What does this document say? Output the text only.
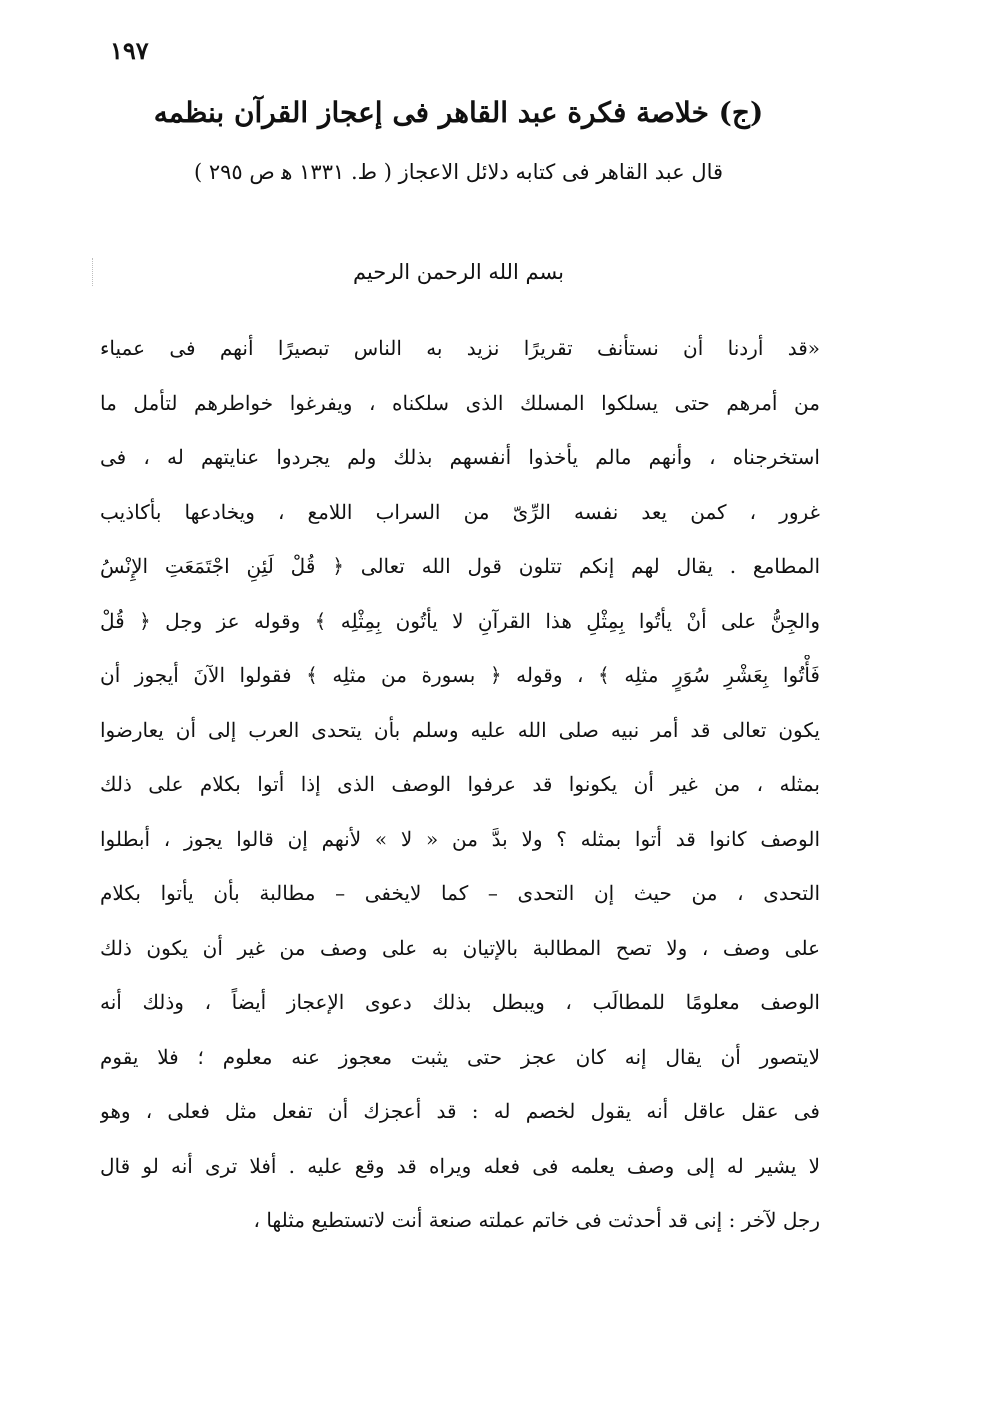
١٩٧
(ج) خلاصة فكرة عبد القاهر فى إعجاز القرآن بنظمه
قال عبد القاهر فى كتابه دلائل الاعجاز ( ط. ١٣٣١ ﻫ ص ٢٩٥ )
بسم الله الرحمن الرحيم
«قد أردنا أن نستأنف تقريرًا نزيد به الناس تبصيرًا أنهم فى عمياء
من أمرهم حتى يسلكوا المسلك الذى سلكناه ، ويفرغوا خواطرهم لتأمل ما
استخرجناه ، وأنهم مالم يأخذوا أنفسهم بذلك ولم يجردوا عنايتهم له ، فى
غرور ، كمن يعد نفسه الرِّىّ من السراب اللامع ، ويخادعها بأكاذيب
المطامع . يقال لهم إنكم تتلون قول الله تعالى ﴿ قُلْ لَئِنِ اجْتَمَعَتِ الإِنْسُ
والجِنُّ على أنْ يأتُوا بِمِثْلِ هذا القرآنِ لا يأتُون بِمِثْلِه ﴾ وقوله عز وجل ﴿ قُلْ
فَأْتُوا بِعَشْرِ سُوَرٍ مثلِه ﴾ ، وقوله ﴿ بسورة من مثلِه ﴾ فقولوا الآنَ أيجوز أن
يكون تعالى قد أمر نبيه صلى الله عليه وسلم بأن يتحدى العرب إلى أن يعارضوا
بمثله ، من غير أن يكونوا قد عرفوا الوصف الذى إذا أتوا بكلام على ذلك
الوصف كانوا قد أتوا بمثله ؟ ولا بدَّ من « لا » لأنهم إن قالوا يجوز ، أبطلوا
التحدى ، من حيث إن التحدى – كما لايخفى – مطالبة بأن يأتوا بكلام
على وصف ، ولا تصح المطالبة بالإتيان به على وصف من غير أن يكون ذلك
الوصف معلومًا للمطالَب ، ويبطل بذلك دعوى الإعجاز أيضاً ، وذلك أنه
لايتصور أن يقال إنه كان عجز حتى يثبت معجوز عنه معلوم ؛ فلا يقوم
فى عقل عاقل أنه يقول لخصم له : قد أعجزك أن تفعل مثل فعلى ، وهو
لا يشير له إلى وصف يعلمه فى فعله ويراه قد وقع عليه . أفلا ترى أنه لو قال
رجل لآخر : إنى قد أحدثت فى خاتم عملته صنعة أنت لاتستطيع مثلها ،
